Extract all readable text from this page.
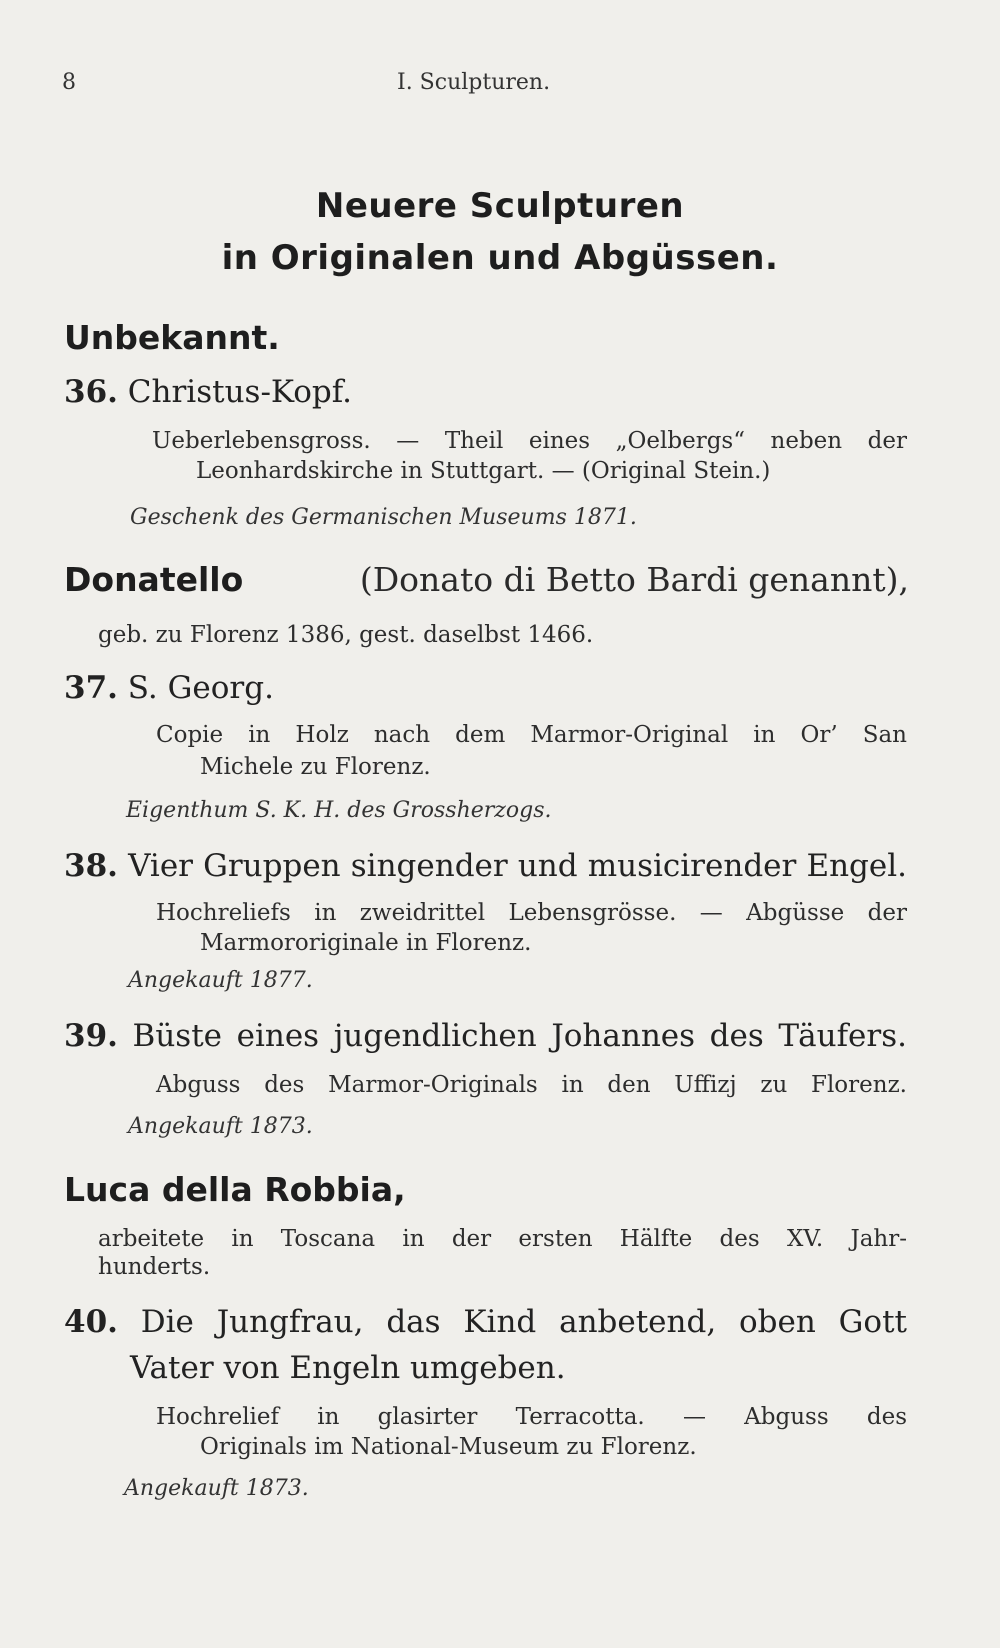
8	I. Sculpturen.
Neuere Sculpturen
in Originalen und Abgüssen.
Unbekannt.
36. Christus-Kopf.
Ueberlebensgross. — Theil eines „Oelbergs“ neben der
Leonhardskirche in Stuttgart. — (Original Stein.)
Geschenk des Germanischen Museums 1871.
Donatello	(Donato di Betto Bardi genannt),
geb. zu Florenz 1386, gest. daselbst 1466.
37. S. Georg.
Copie in Holz nach dem Marmor-Original in Or’ San
Michele zu Florenz.
Eigenthum S. K. H. des Grossherzogs.
38. Vier Gruppen singender und musicirender Engel.
Hochreliefs in zweidrittel Lebensgrösse. — Abgüsse der
Marmororiginale in Florenz.
Angekauft 1877.
39. Büste eines jugendlichen Johannes des Täufers.
Abguss des Marmor-Originals in den Uffizj zu Florenz.
Angekauft 1873.
Luca della Robbia,
arbeitete in Toscana in der ersten Hälfte des XV. Jahr-
hunderts.
40. Die Jungfrau, das Kind anbetend, oben Gott
Vater von Engeln umgeben.
Hochrelief in glasirter Terracotta. — Abguss des
Originals im National-Museum zu Florenz.
Angekauft 1873.
